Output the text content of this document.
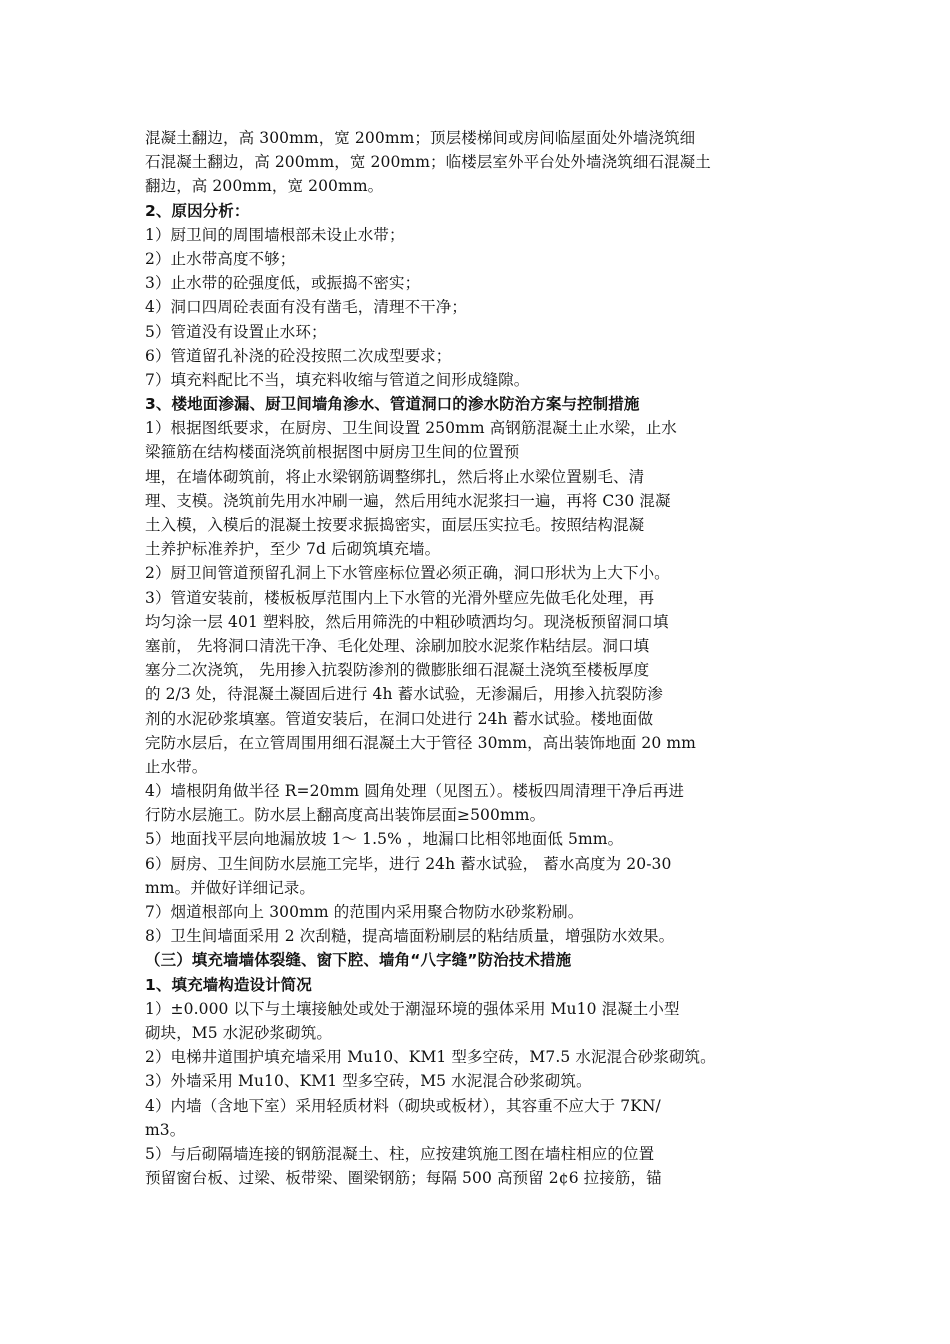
混凝土翻边，高 300mm，宽 200mm；顶层楼梯间或房间临屋面处外墙浇筑细
石混凝土翻边，高 200mm，宽 200mm；临楼层室外平台处外墙浇筑细石混凝土
翻边，高 200mm，宽 200mm。
2、原因分析：
1）厨卫间的周围墙根部未设止水带；
2）止水带高度不够；
3）止水带的砼强度低，或振捣不密实；
4）洞口四周砼表面有没有凿毛，清理不干净；
5）管道没有设置止水环；
6）管道留孔补浇的砼没按照二次成型要求；
7）填充料配比不当，填充料收缩与管道之间形成缝隙。
3、楼地面渗漏、厨卫间墙角渗水、管道洞口的渗水防治方案与控制措施
1）根据图纸要求，在厨房、卫生间设置 250mm 高钢筋混凝土止水梁，止水
梁箍筋在结构楼面浇筑前根据图中厨房卫生间的位置预
埋，在墙体砌筑前，将止水梁钢筋调整绑扎，然后将止水梁位置剔毛、清
理、支模。浇筑前先用水冲刷一遍，然后用纯水泥浆扫一遍，再将 C30 混凝
土入模，入模后的混凝土按要求振捣密实，面层压实拉毛。按照结构混凝
土养护标准养护，至少 7d 后砌筑填充墙。
2）厨卫间管道预留孔洞上下水管座标位置必须正确，洞口形状为上大下小。
3）管道安装前，楼板板厚范围内上下水管的光滑外壁应先做毛化处理，再
均匀涂一层 401 塑料胶，然后用筛洗的中粗砂喷洒均匀。现浇板预留洞口填
塞前， 先将洞口清洗干净、毛化处理、涂刷加胶水泥浆作粘结层。洞口填
塞分二次浇筑， 先用掺入抗裂防渗剂的微膨胀细石混凝土浇筑至楼板厚度
的 2/3 处，待混凝土凝固后进行 4h 蓄水试验，无渗漏后，用掺入抗裂防渗
剂的水泥砂浆填塞。管道安装后，在洞口处进行 24h 蓄水试验。楼地面做
完防水层后，在立管周围用细石混凝土大于管径 30mm，高出装饰地面 20 mm
止水带。
4）墙根阴角做半径 R=20mm 圆角处理（见图五）。楼板四周清理干净后再进
行防水层施工。防水层上翻高度高出装饰层面≥500mm。
5）地面找平层向地漏放坡 1～ 1.5% ，地漏口比相邻地面低 5mm。
6）厨房、卫生间防水层施工完毕，进行 24h 蓄水试验， 蓄水高度为 20-30
mm。并做好详细记录。
7）烟道根部向上 300mm 的范围内采用聚合物防水砂浆粉刷。
8）卫生间墙面采用 2 次刮糙，提高墙面粉刷层的粘结质量，增强防水效果。
（三）填充墙墙体裂缝、窗下腔、墙角“八字缝”防治技术措施
1、填充墙构造设计简况
1）±0.000 以下与土壤接触处或处于潮湿环境的强体采用 Mu10 混凝土小型
砌块，M5 水泥砂浆砌筑。
2）电梯井道围护填充墙采用 Mu10、KM1 型多空砖，M7.5 水泥混合砂浆砌筑。
3）外墙采用 Mu10、KM1 型多空砖，M5 水泥混合砂浆砌筑。
4）内墙（含地下室）采用轻质材料（砌块或板材），其容重不应大于 7KN/
m3。
5）与后砌隔墙连接的钢筋混凝土、柱，应按建筑施工图在墙柱相应的位置
预留窗台板、过梁、板带梁、圈梁钢筋；每隔 500 高预留 2¢6 拉接筋，锚
